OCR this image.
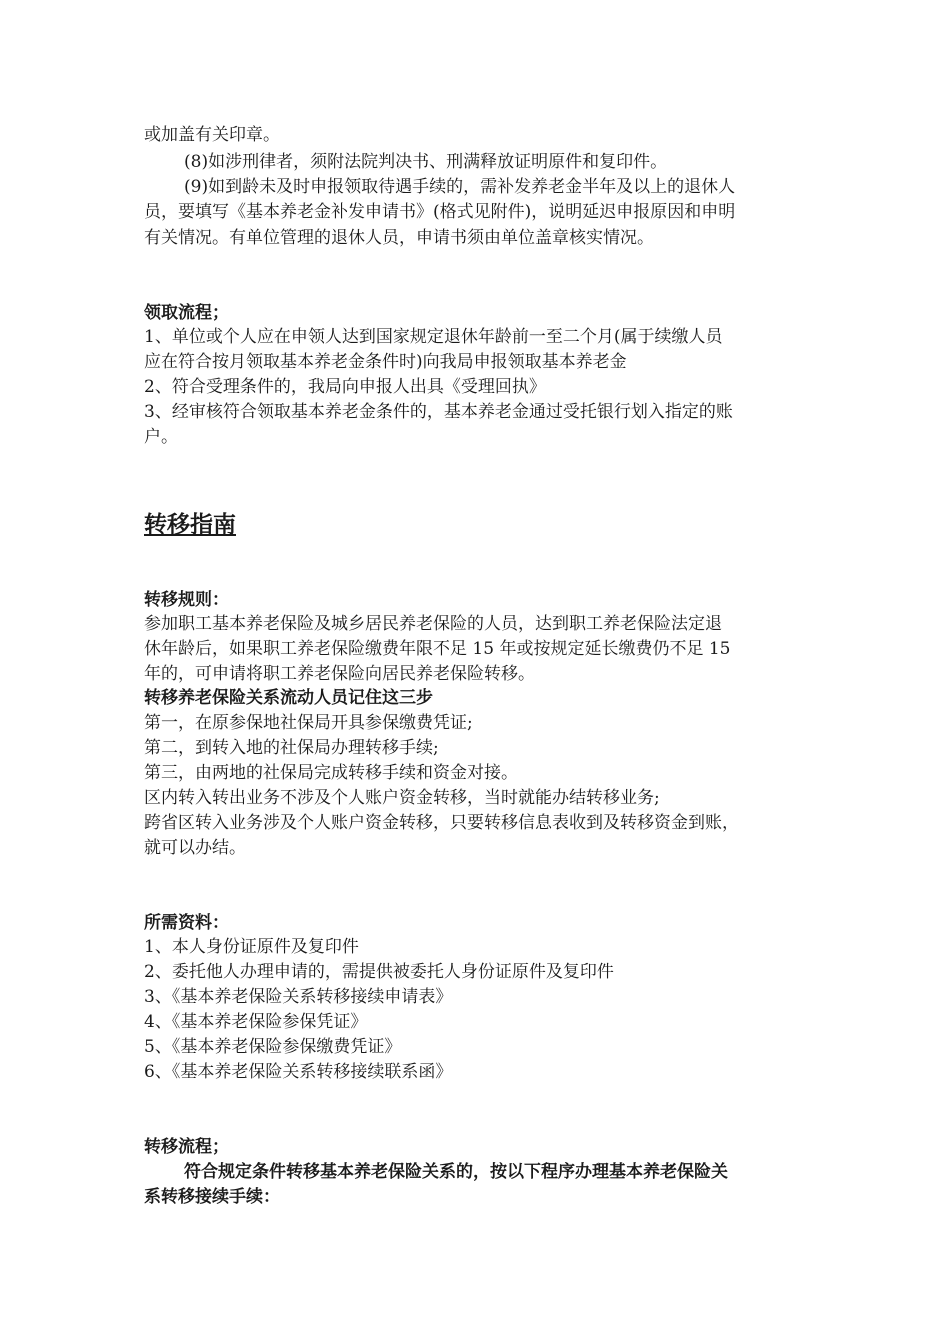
或加盖有关印章。
(8)如涉刑律者，须附法院判决书、刑满释放证明原件和复印件。
(9)如到龄未及时申报领取待遇手续的，需补发养老金半年及以上的退休人
员，要填写《基本养老金补发申请书》(格式见附件)，说明延迟申报原因和申明
有关情况。有单位管理的退休人员，申请书须由单位盖章核实情况。
领取流程；
1、单位或个人应在申领人达到国家规定退休年龄前一至二个月(属于续缴人员
应在符合按月领取基本养老金条件时)向我局申报领取基本养老金
2、符合受理条件的，我局向申报人出具《受理回执》
3、经审核符合领取基本养老金条件的，基本养老金通过受托银行划入指定的账
户。
转移指南
转移规则：
参加职工基本养老保险及城乡居民养老保险的人员，达到职工养老保险法定退
休年龄后，如果职工养老保险缴费年限不足 15 年或按规定延长缴费仍不足 15
年的，可申请将职工养老保险向居民养老保险转移。
转移养老保险关系流动人员记住这三步
第一，在原参保地社保局开具参保缴费凭证;
第二，到转入地的社保局办理转移手续;
第三，由两地的社保局完成转移手续和资金对接。
区内转入转出业务不涉及个人账户资金转移，当时就能办结转移业务;
跨省区转入业务涉及个人账户资金转移，只要转移信息表收到及转移资金到账，
就可以办结。
所需资料：
1、本人身份证原件及复印件
2、委托他人办理申请的，需提供被委托人身份证原件及复印件
3、《基本养老保险关系转移接续申请表》
4、《基本养老保险参保凭证》
5、《基本养老保险参保缴费凭证》
6、《基本养老保险关系转移接续联系函》
转移流程；
符合规定条件转移基本养老保险关系的，按以下程序办理基本养老保险关
系转移接续手续：
